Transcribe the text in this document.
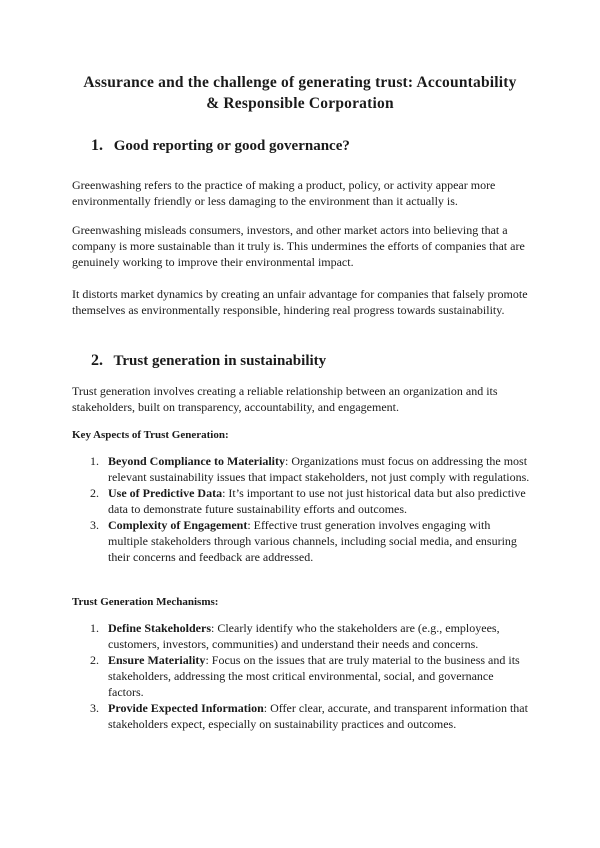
Assurance and the challenge of generating trust: Accountability
& Responsible Corporation
1. Good reporting or good governance?

Greenwashing refers to the practice of making a product, policy, or activity appear more environmentally friendly or less damaging to the environment than it actually is.

Greenwashing misleads consumers, investors, and other market actors into believing that a company is more sustainable than it truly is. This undermines the efforts of companies that are genuinely working to improve their environmental impact.

It distorts market dynamics by creating an unfair advantage for companies that falsely promote themselves as environmentally responsible, hindering real progress towards sustainability.

2. Trust generation in sustainability

Trust generation involves creating a reliable relationship between an organization and its stakeholders, built on transparency, accountability, and engagement.

Key Aspects of Trust Generation:

1. Beyond Compliance to Materiality: Organizations must focus on addressing the most relevant sustainability issues that impact stakeholders, not just comply with regulations.
2. Use of Predictive Data: It’s important to use not just historical data but also predictive data to demonstrate future sustainability efforts and outcomes.
3. Complexity of Engagement: Effective trust generation involves engaging with multiple stakeholders through various channels, including social media, and ensuring their concerns and feedback are addressed.

Trust Generation Mechanisms:

1. Define Stakeholders: Clearly identify who the stakeholders are (e.g., employees, customers, investors, communities) and understand their needs and concerns.
2. Ensure Materiality: Focus on the issues that are truly material to the business and its stakeholders, addressing the most critical environmental, social, and governance factors.
3. Provide Expected Information: Offer clear, accurate, and transparent information that stakeholders expect, especially on sustainability practices and outcomes.
